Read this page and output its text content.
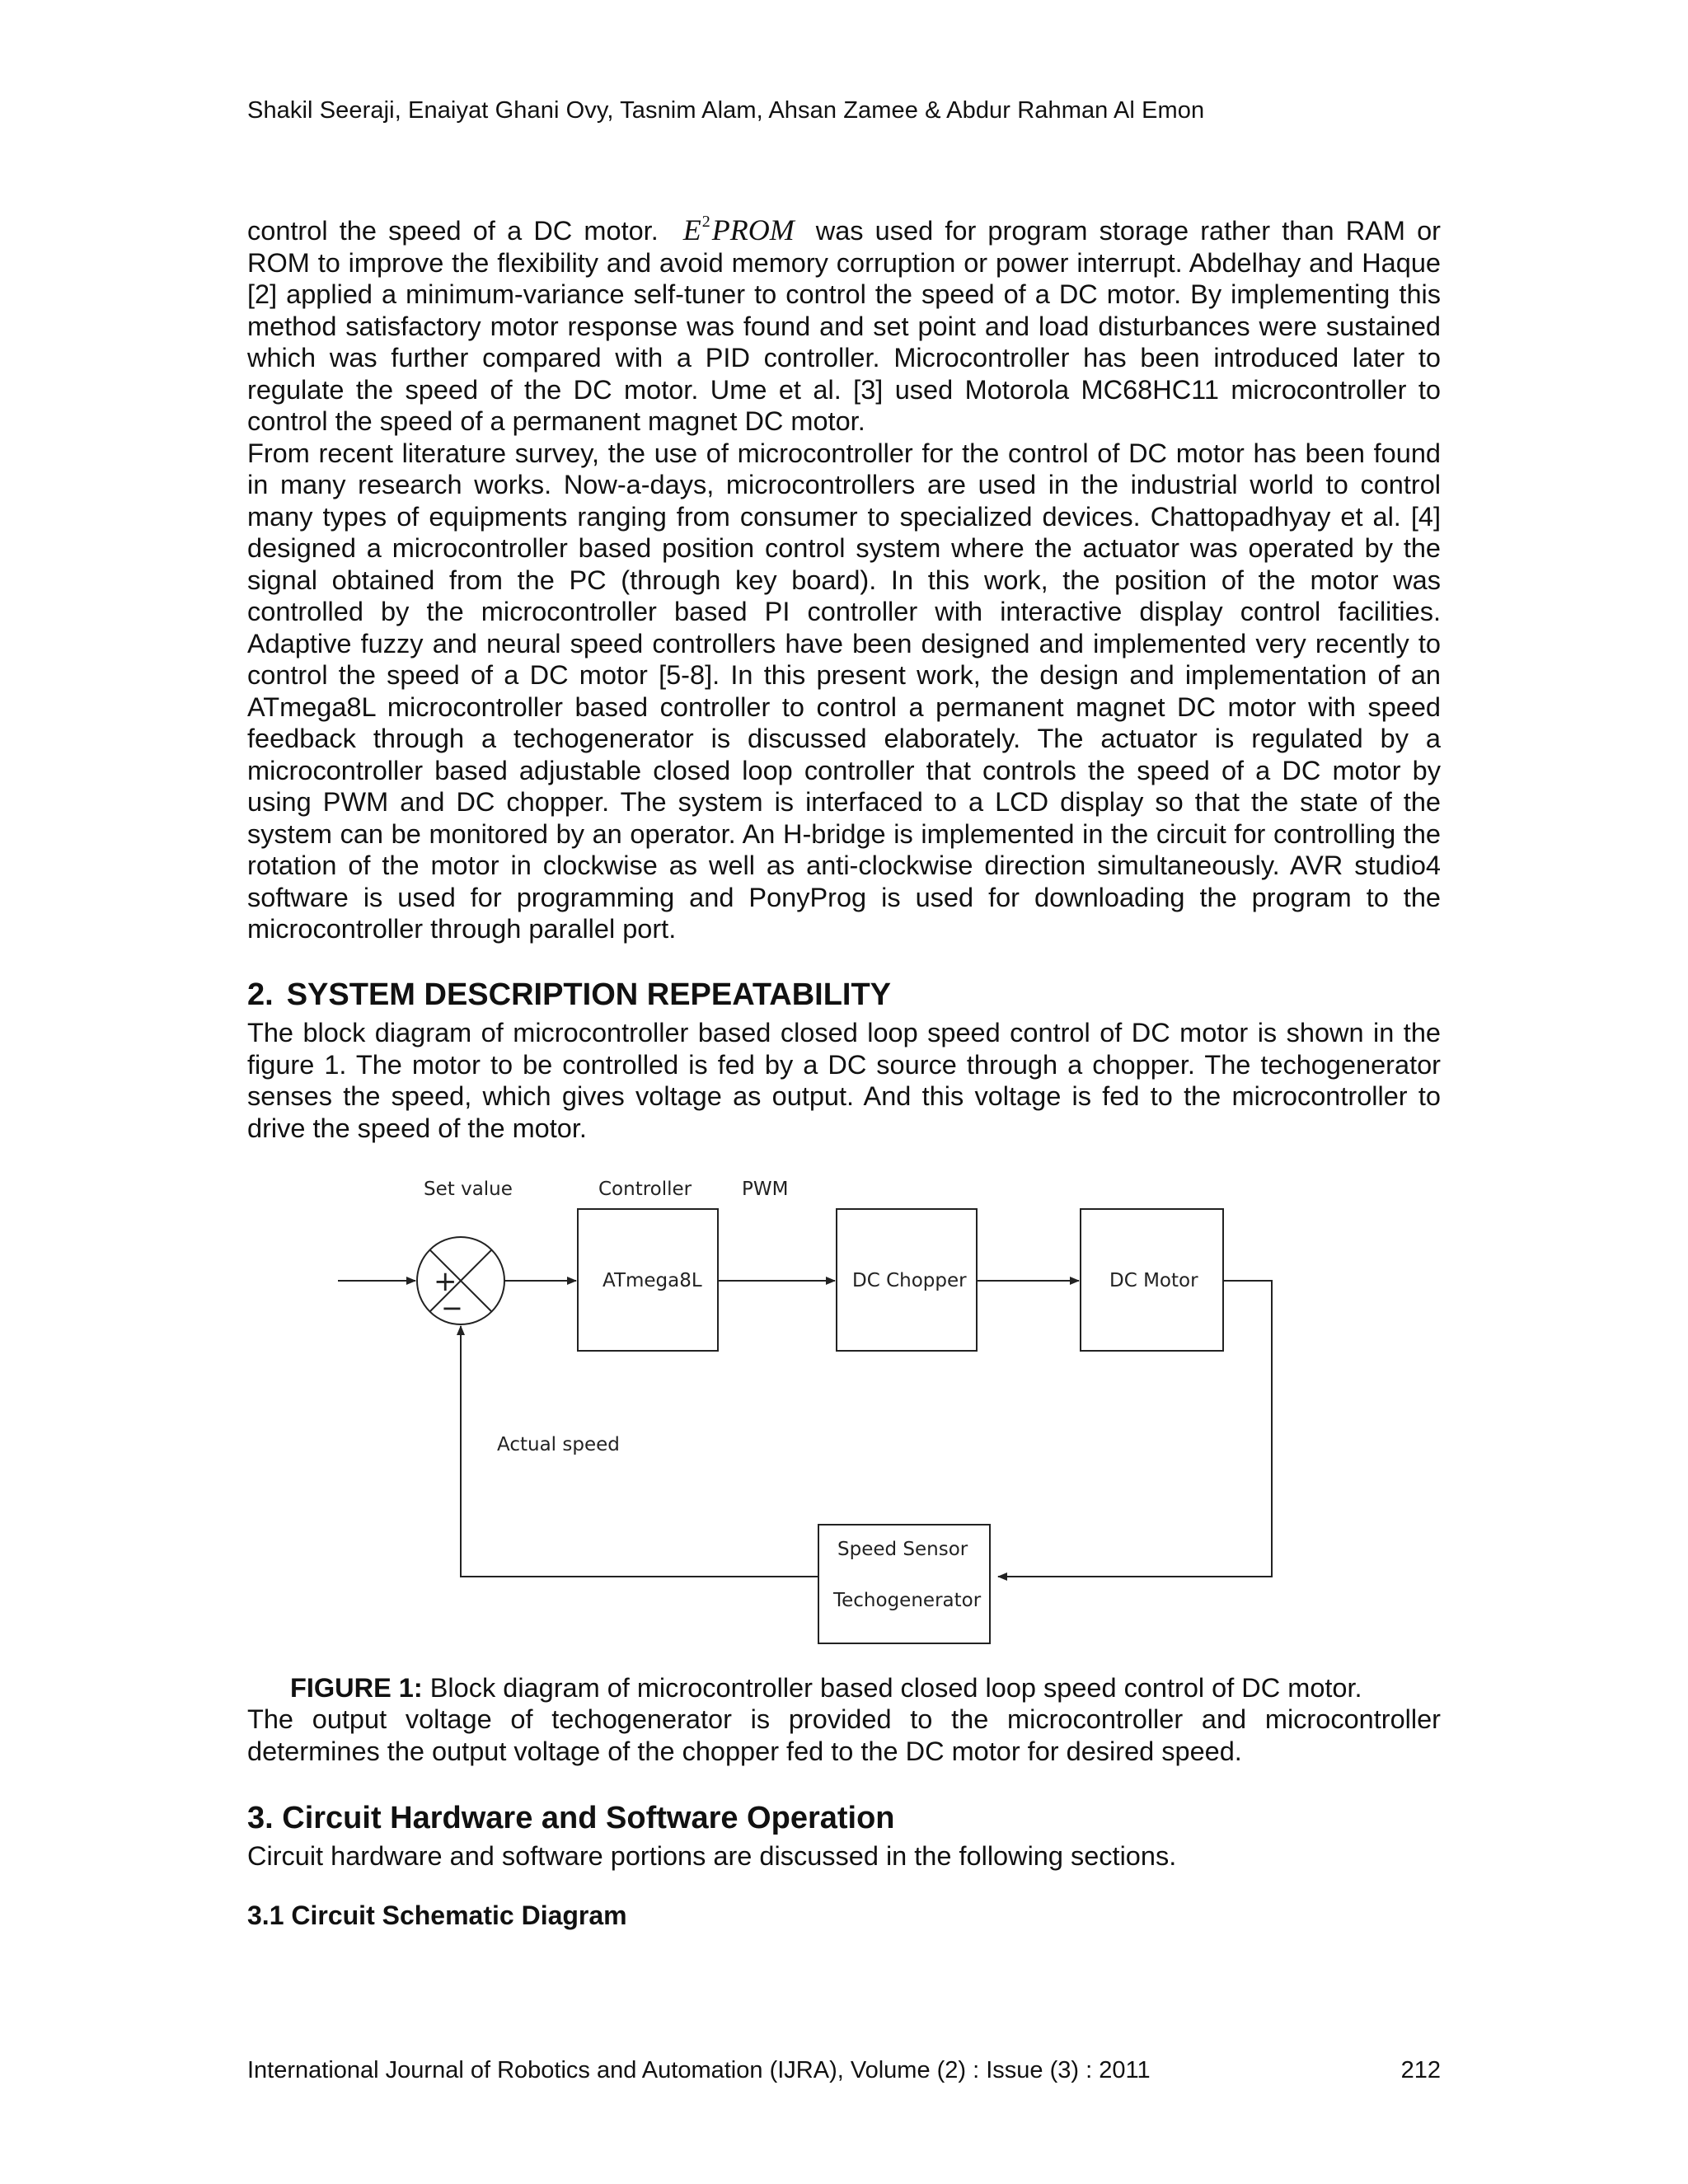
Shakil Seeraji, Enaiyat Ghani Ovy, Tasnim Alam, Ahsan Zamee & Abdur Rahman Al Emon

control the speed of a DC motor. $E^2PROM$ was used for program storage rather than RAM or ROM to improve the flexibility and avoid memory corruption or power interrupt. Abdelhay and Haque [2] applied a minimum-variance self-tuner to control the speed of a DC motor. By implementing this method satisfactory motor response was found and set point and load disturbances were sustained which was further compared with a PID controller. Microcontroller has been introduced later to regulate the speed of the DC motor. Ume et al. [3] used Motorola MC68HC11 microcontroller to control the speed of a permanent magnet DC motor.

From recent literature survey, the use of microcontroller for the control of DC motor has been found in many research works. Now-a-days, microcontrollers are used in the industrial world to control many types of equipments ranging from consumer to specialized devices. Chattopadhyay et al. [4] designed a microcontroller based position control system where the actuator was operated by the signal obtained from the PC (through key board). In this work, the position of the motor was controlled by the microcontroller based PI controller with interactive display control facilities. Adaptive fuzzy and neural speed controllers have been designed and implemented very recently to control the speed of a DC motor [5-8]. In this present work, the design and implementation of an ATmega8L microcontroller based controller to control a permanent magnet DC motor with speed feedback through a techogenerator is discussed elaborately. The actuator is regulated by a microcontroller based adjustable closed loop controller that controls the speed of a DC motor by using PWM and DC chopper. The system is interfaced to a LCD display so that the state of the system can be monitored by an operator. An H-bridge is implemented in the circuit for controlling the rotation of the motor in clockwise as well as anti-clockwise direction simultaneously. AVR studio4 software is used for programming and PonyProg is used for downloading the program to the microcontroller through parallel port.

2. SYSTEM DESCRIPTION REPEATABILITY

The block diagram of microcontroller based closed loop speed control of DC motor is shown in the figure 1. The motor to be controlled is fed by a DC source through a chopper. The techogenerator senses the speed, which gives voltage as output. And this voltage is fed to the microcontroller to drive the speed of the motor.

Set value	Controller	PWM
Actual speed
+
−
ATmega8L	DC Chopper	DC Motor
Speed Sensor
Techogenerator

FIGURE 1: Block diagram of microcontroller based closed loop speed control of DC motor.

The output voltage of techogenerator is provided to the microcontroller and microcontroller determines the output voltage of the chopper fed to the DC motor for desired speed.

3. Circuit Hardware and Software Operation

Circuit hardware and software portions are discussed in the following sections.

3.1 Circuit Schematic Diagram
International Journal of Robotics and Automation (IJRA), Volume (2) : Issue (3) : 2011	212
